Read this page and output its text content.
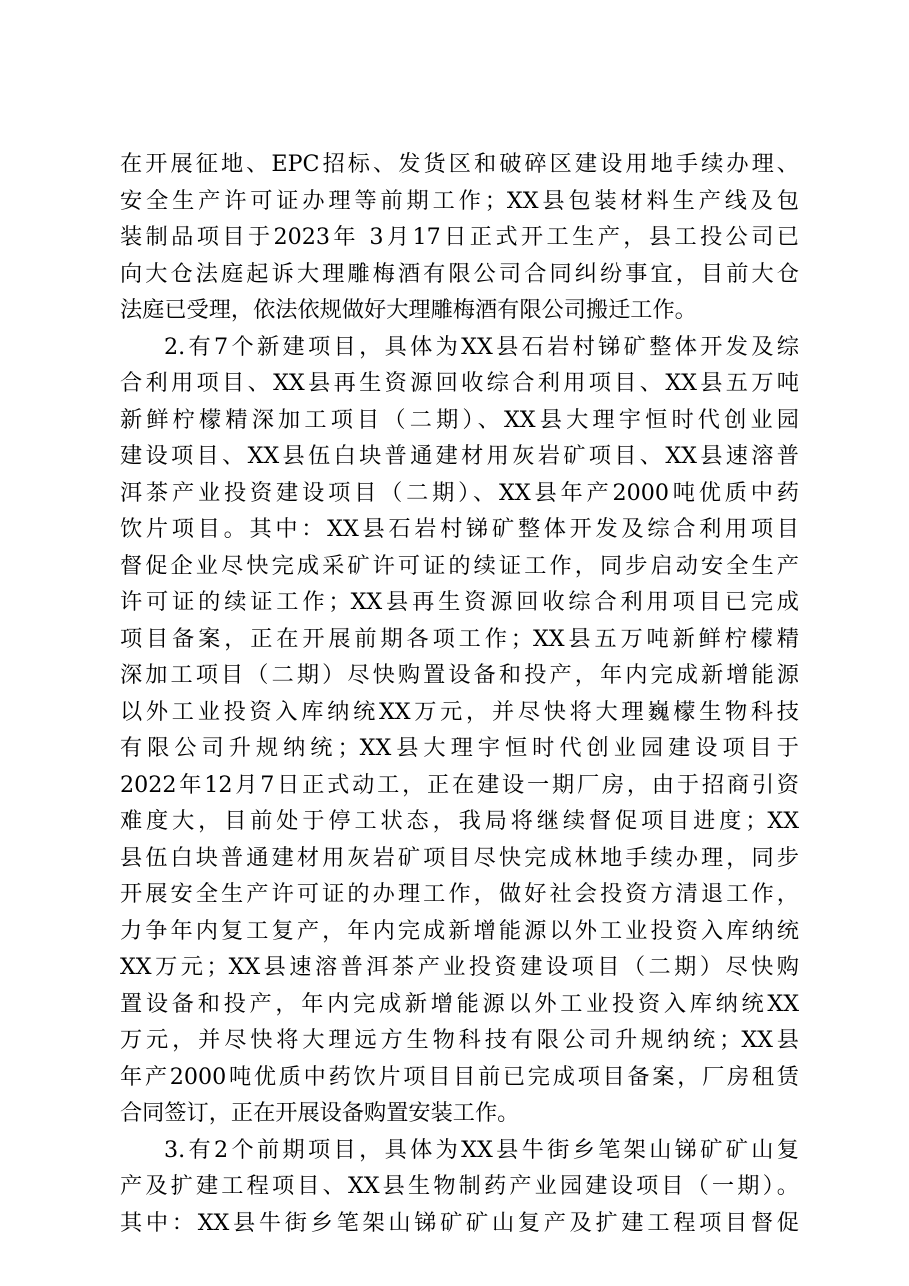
在开展征地、EPC招标、发货区和破碎区建设用地手续办理、
安全生产许可证办理等前期工作；XX县包装材料生产线及包
装制品项目于2023年 3月17日正式开工生产，县工投公司已
向大仓法庭起诉大理雕梅酒有限公司合同纠纷事宜，目前大仓
法庭已受理，依法依规做好大理雕梅酒有限公司搬迁工作。
2.有7个新建项目，具体为XX县石岩村锑矿整体开发及综
合利用项目、XX县再生资源回收综合利用项目、XX县五万吨
新鲜柠檬精深加工项目（二期）、XX县大理宇恒时代创业园
建设项目、XX县伍白块普通建材用灰岩矿项目、XX县速溶普
洱茶产业投资建设项目（二期）、XX县年产2000吨优质中药
饮片项目。其中：XX县石岩村锑矿整体开发及综合利用项目
督促企业尽快完成采矿许可证的续证工作，同步启动安全生产
许可证的续证工作；XX县再生资源回收综合利用项目已完成
项目备案，正在开展前期各项工作；XX县五万吨新鲜柠檬精
深加工项目（二期）尽快购置设备和投产，年内完成新增能源
以外工业投资入库纳统XX万元，并尽快将大理巍檬生物科技
有限公司升规纳统；XX县大理宇恒时代创业园建设项目于
2022年12月7日正式动工，正在建设一期厂房，由于招商引资
难度大，目前处于停工状态，我局将继续督促项目进度；XX
县伍白块普通建材用灰岩矿项目尽快完成林地手续办理，同步
开展安全生产许可证的办理工作，做好社会投资方清退工作，
力争年内复工复产，年内完成新增能源以外工业投资入库纳统
XX万元；XX县速溶普洱茶产业投资建设项目（二期）尽快购
置设备和投产，年内完成新增能源以外工业投资入库纳统XX
万元，并尽快将大理远方生物科技有限公司升规纳统；XX县
年产2000吨优质中药饮片项目目前已完成项目备案，厂房租赁
合同签订，正在开展设备购置安装工作。
3.有2个前期项目，具体为XX县牛街乡笔架山锑矿矿山复
产及扩建工程项目、XX县生物制药产业园建设项目（一期）。
其中：XX县牛街乡笔架山锑矿矿山复产及扩建工程项目督促
